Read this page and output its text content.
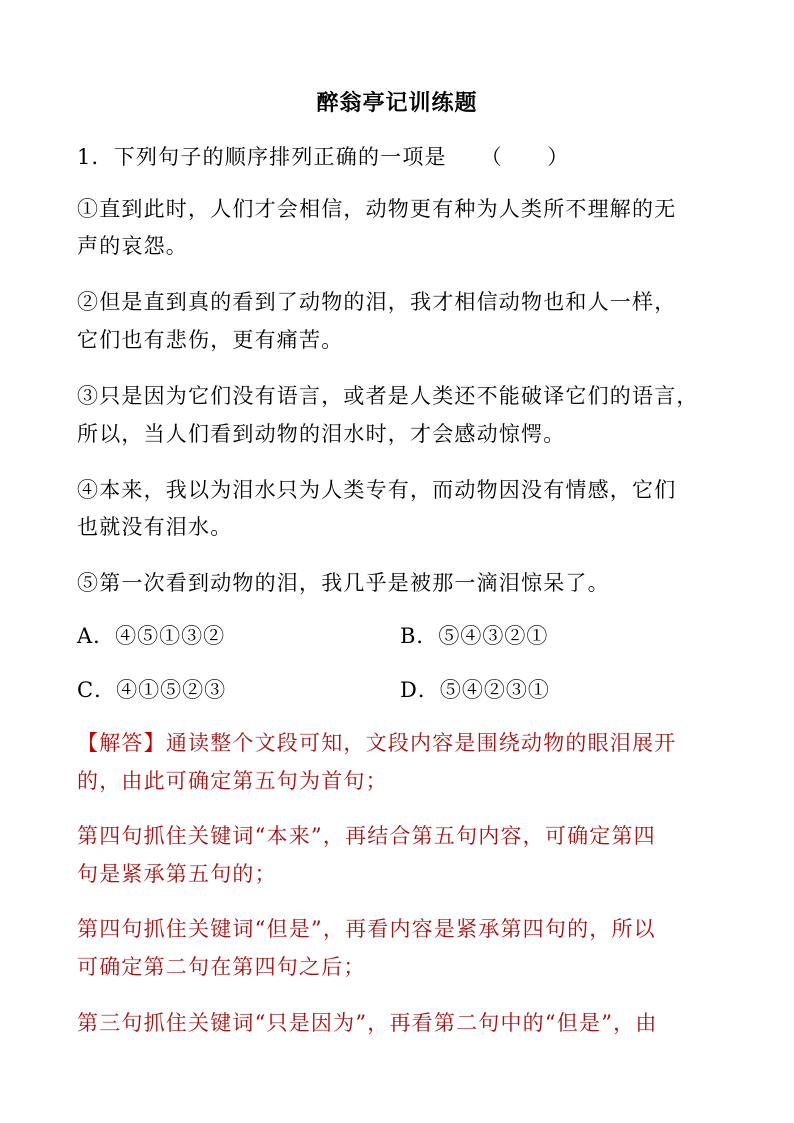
醉翁亭记训练题
1．下列句子的顺序排列正确的一项是　　（　　）
①直到此时，人们才会相信，动物更有种为人类所不理解的无
声的哀怨。
②但是直到真的看到了动物的泪，我才相信动物也和人一样，
它们也有悲伤，更有痛苦。
③只是因为它们没有语言，或者是人类还不能破译它们的语言，
所以，当人们看到动物的泪水时，才会感动惊愕。
④本来，我以为泪水只为人类专有，而动物因没有情感，它们
也就没有泪水。
⑤第一次看到动物的泪，我几乎是被那一滴泪惊呆了。
A．④⑤①③②	B．⑤④③②①
C．④①⑤②③	D．⑤④②③①
【解答】通读整个文段可知，文段内容是围绕动物的眼泪展开
的，由此可确定第五句为首句；
第四句抓住关键词“本来”，再结合第五句内容，可确定第四
句是紧承第五句的；
第四句抓住关键词“但是”，再看内容是紧承第四句的，所以
可确定第二句在第四句之后；
第三句抓住关键词“只是因为”，再看第二句中的“但是”，由
